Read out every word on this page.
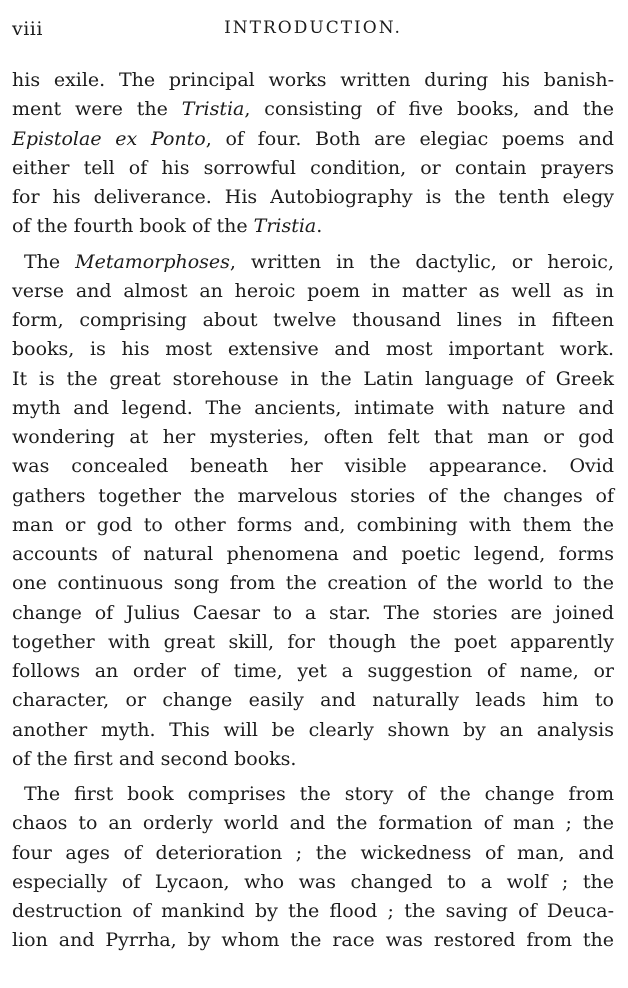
viii	INTRODUCTION.
his exile. The principal works written during his banish-
ment were the Tristia, consisting of five books, and the
Epistolae ex Ponto, of four. Both are elegiac poems and
either tell of his sorrowful condition, or contain prayers
for his deliverance. His Autobiography is the tenth elegy
of the fourth book of the Tristia.
The Metamorphoses, written in the dactylic, or heroic,
verse and almost an heroic poem in matter as well as in
form, comprising about twelve thousand lines in fifteen
books, is his most extensive and most important work.
It is the great storehouse in the Latin language of Greek
myth and legend. The ancients, intimate with nature and
wondering at her mysteries, often felt that man or god
was concealed beneath her visible appearance. Ovid
gathers together the marvelous stories of the changes of
man or god to other forms and, combining with them the
accounts of natural phenomena and poetic legend, forms
one continuous song from the creation of the world to the
change of Julius Caesar to a star. The stories are joined
together with great skill, for though the poet apparently
follows an order of time, yet a suggestion of name, or
character, or change easily and naturally leads him to
another myth. This will be clearly shown by an analysis
of the first and second books.
The first book comprises the story of the change from
chaos to an orderly world and the formation of man ; the
four ages of deterioration ; the wickedness of man, and
especially of Lycaon, who was changed to a wolf ; the
destruction of mankind by the flood ; the saving of Deuca-
lion and Pyrrha, by whom the race was restored from the
